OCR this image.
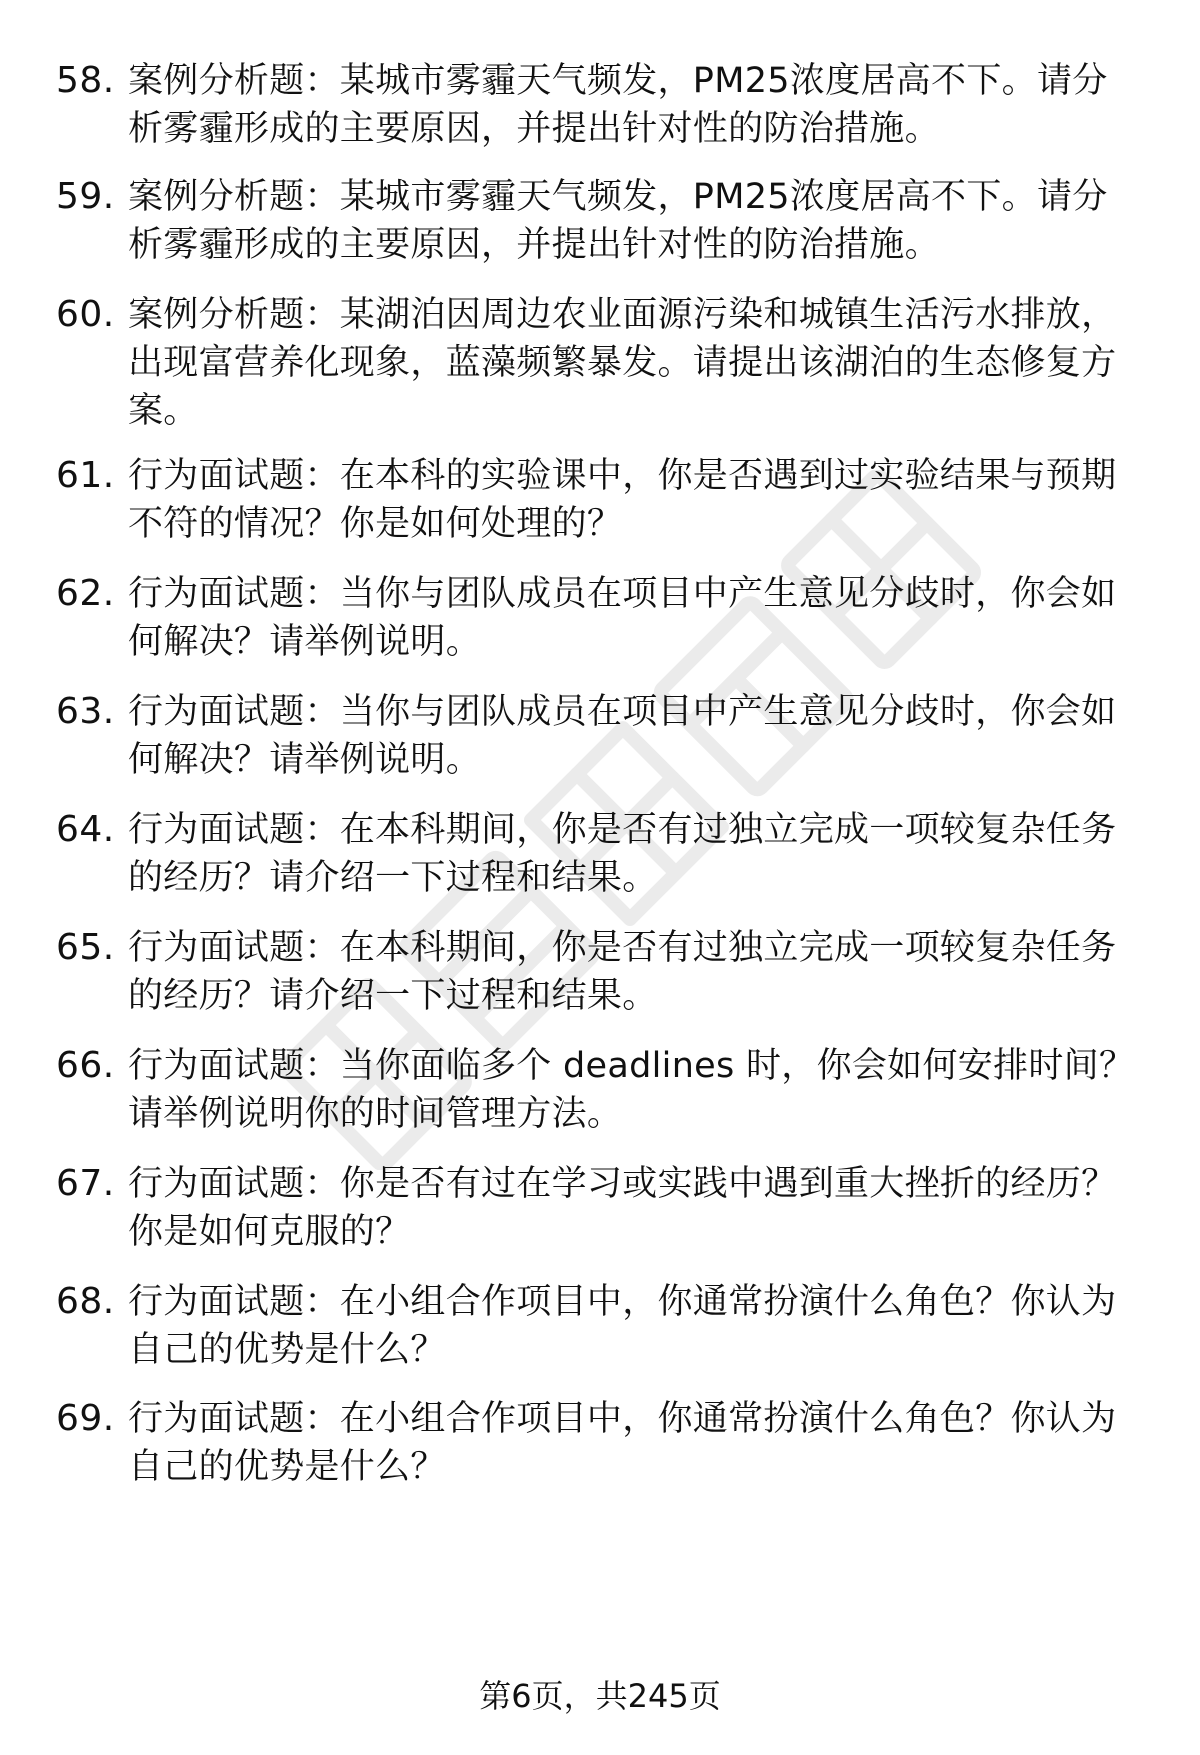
58. 案例分析题：某城市雾霾天气频发，PM25浓度居高不下。请分析雾霾形成的主要原因，并提出针对性的防治措施。
59. 案例分析题：某城市雾霾天气频发，PM25浓度居高不下。请分析雾霾形成的主要原因，并提出针对性的防治措施。
60. 案例分析题：某湖泊因周边农业面源污染和城镇生活污水排放，出现富营养化现象，蓝藻频繁暴发。请提出该湖泊的生态修复方案。
61. 行为面试题：在本科的实验课中，你是否遇到过实验结果与预期不符的情况？你是如何处理的？
62. 行为面试题：当你与团队成员在项目中产生意见分歧时，你会如何解决？请举例说明。
63. 行为面试题：当你与团队成员在项目中产生意见分歧时，你会如何解决？请举例说明。
64. 行为面试题：在本科期间，你是否有过独立完成一项较复杂任务的经历？请介绍一下过程和结果。
65. 行为面试题：在本科期间，你是否有过独立完成一项较复杂任务的经历？请介绍一下过程和结果。
66. 行为面试题：当你面临多个 deadlines 时，你会如何安排时间？请举例说明你的时间管理方法。
67. 行为面试题：你是否有过在学习或实践中遇到重大挫折的经历？你是如何克服的？
68. 行为面试题：在小组合作项目中，你通常扮演什么角色？你认为自己的优势是什么？
69. 行为面试题：在小组合作项目中，你通常扮演什么角色？你认为自己的优势是什么？
第6页，共245页
